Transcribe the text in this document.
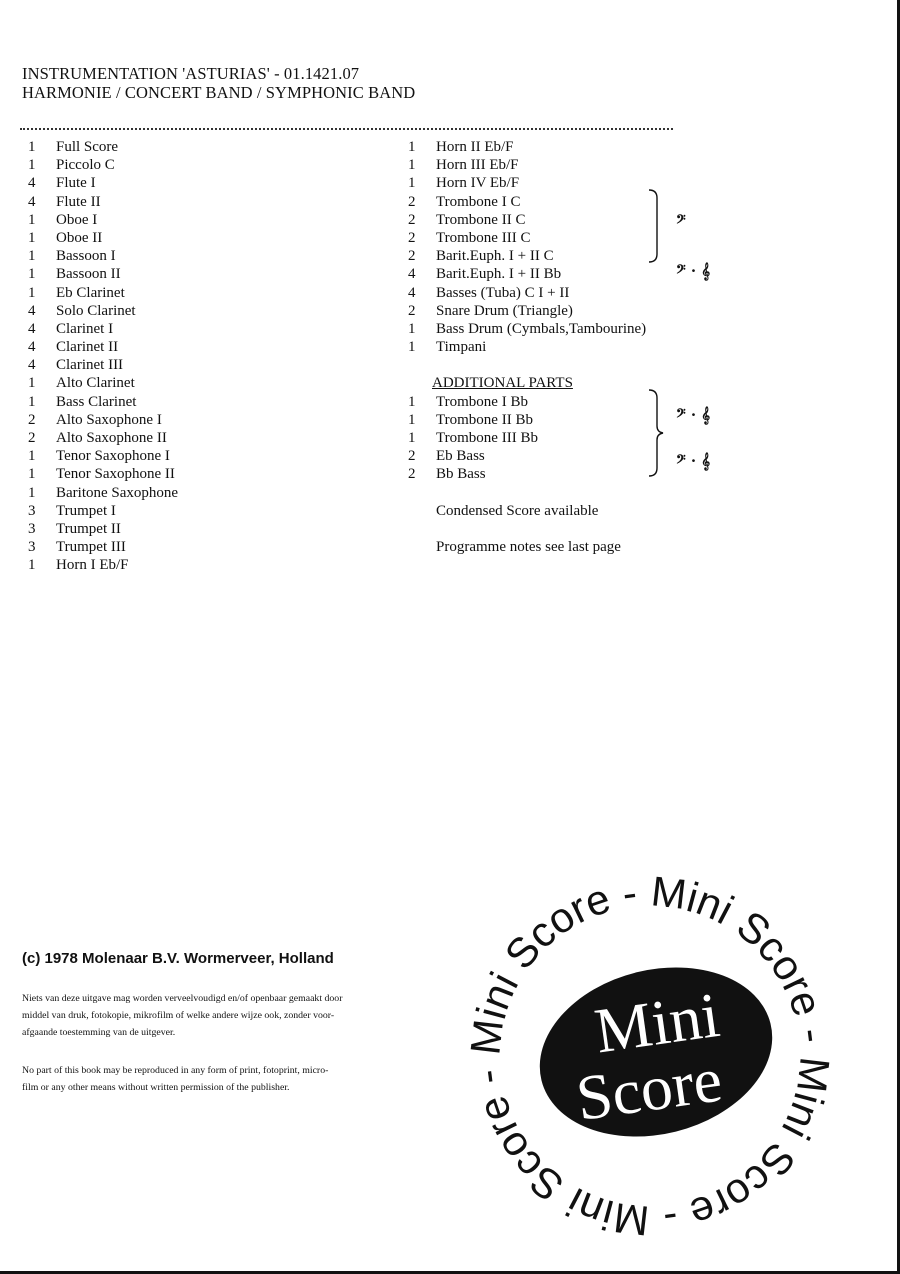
INSTRUMENTATION 'ASTURIAS' - 01.1421.07
HARMONIE / CONCERT BAND / SYMPHONIC BAND
1 Full Score
1 Piccolo C
4 Flute I
4 Flute II
1 Oboe I
1 Oboe II
1 Bassoon I
1 Bassoon II
1 Eb Clarinet
4 Solo Clarinet
4 Clarinet I
4 Clarinet II
4 Clarinet III
1 Alto Clarinet
1 Bass Clarinet
2 Alto Saxophone I
2 Alto Saxophone II
1 Tenor Saxophone I
1 Tenor Saxophone II
1 Baritone Saxophone
3 Trumpet I
3 Trumpet II
3 Trumpet III
1 Horn I Eb/F
1 Horn II Eb/F
1 Horn III Eb/F
1 Horn IV Eb/F
2 Trombone I C
2 Trombone II C
2 Trombone III C
2 Barit.Euph. I + II C
4 Barit.Euph. I + II Bb
4 Basses (Tuba) C I + II
2 Snare Drum (Triangle)
1 Bass Drum (Cymbals,Tambourine)
1 Timpani
ADDITIONAL PARTS
1 Trombone I Bb
1 Trombone II Bb
1 Trombone III Bb
2 Eb Bass
2 Bb Bass
Condensed Score available
Programme notes see last page
𝄢
𝄢 · 𝄞
𝄢 · 𝄞
𝄢 · 𝄞
(c) 1978 Molenaar B.V. Wormerveer, Holland
Niets van deze uitgave mag worden verveelvoudigd en/of openbaar gemaakt door
middel van druk, fotokopie, mikrofilm of welke andere wijze ook, zonder voor-
afgaande toestemming van de uitgever.
No part of this book may be reproduced in any form of print, fotoprint, micro-
film or any other means without written permission of the publisher.
Mini Score - Mini Score - Mini Score - Mini Score -
Mini
Score
